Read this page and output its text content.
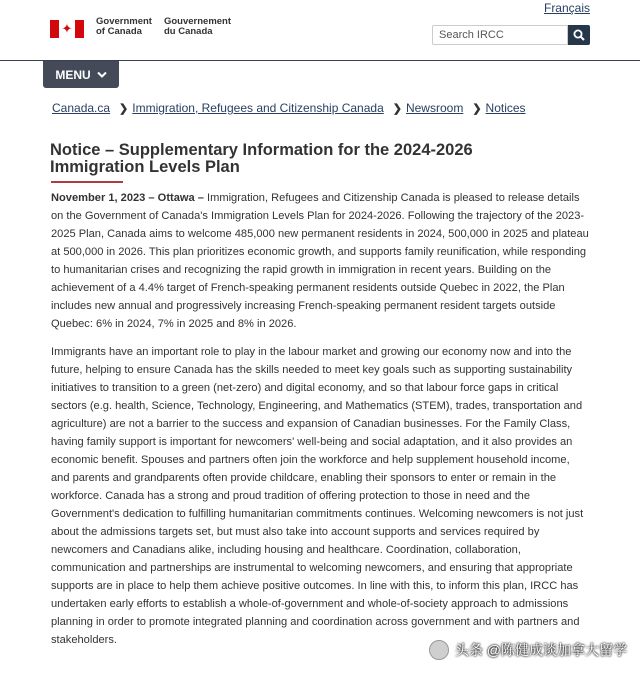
Français
✦ Government
of Canada
Gouvernement
du Canada
Search IRCC
MENU
Canada.ca ❯ Immigration, Refugees and Citizenship Canada ❯ Newsroom ❯ Notices
Notice – Supplementary Information for the 2024-2026 Immigration Levels Plan

November 1, 2023 – Ottawa – Immigration, Refugees and Citizenship Canada is pleased to release details on the Government of Canada's Immigration Levels Plan for 2024-2026. Following the trajectory of the 2023-2025 Plan, Canada aims to welcome 485,000 new permanent residents in 2024, 500,000 in 2025 and plateau at 500,000 in 2026. This plan prioritizes economic growth, and supports family reunification, while responding to humanitarian crises and recognizing the rapid growth in immigration in recent years. Building on the achievement of a 4.4% target of French-speaking permanent residents outside Quebec in 2022, the Plan includes new annual and progressively increasing French-speaking permanent resident targets outside Quebec: 6% in 2024, 7% in 2025 and 8% in 2026.

Immigrants have an important role to play in the labour market and growing our economy now and into the future, helping to ensure Canada has the skills needed to meet key goals such as supporting sustainability initiatives to transition to a green (net-zero) and digital economy, and so that labour force gaps in critical sectors (e.g. health, Science, Technology, Engineering, and Mathematics (STEM), trades, transportation and agriculture) are not a barrier to the success and expansion of Canadian businesses. For the Family Class, having family support is important for newcomers' well-being and social adaptation, and it also provides an economic benefit. Spouses and partners often join the workforce and help supplement household income, and parents and grandparents often provide childcare, enabling their sponsors to enter or remain in the workforce. Canada has a strong and proud tradition of offering protection to those in need and the Government's dedication to fulfilling humanitarian commitments continues. Welcoming newcomers is not just about the admissions targets set, but must also take into account supports and services required by newcomers and Canadians alike, including housing and healthcare. Coordination, collaboration, communication and partnerships are instrumental to welcoming newcomers, and ensuring that appropriate supports are in place to help them achieve positive outcomes. In line with this, to inform this plan, IRCC has undertaken early efforts to establish a whole-of-government and whole-of-society approach to admissions planning in order to promote integrated planning and coordination across government and with partners and stakeholders.

头条 @陈健成谈加拿大留学
